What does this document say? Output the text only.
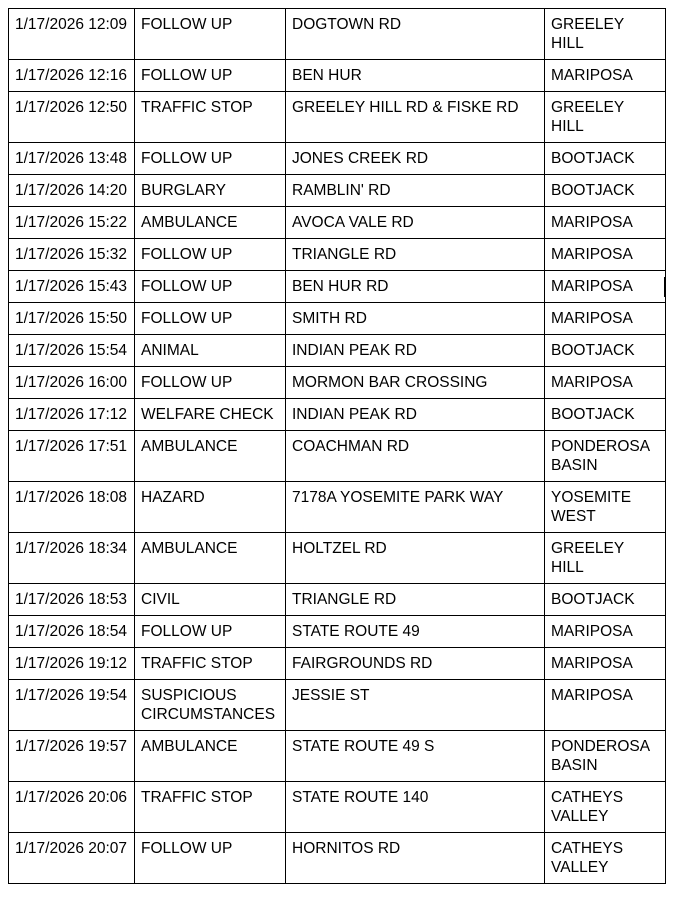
1/17/2026 12:09	FOLLOW UP	DOGTOWN RD	GREELEY HILL
1/17/2026 12:16	FOLLOW UP	BEN HUR	MARIPOSA
1/17/2026 12:50	TRAFFIC STOP	GREELEY HILL RD & FISKE RD	GREELEY HILL
1/17/2026 13:48	FOLLOW UP	JONES CREEK RD	BOOTJACK
1/17/2026 14:20	BURGLARY	RAMBLIN' RD	BOOTJACK
1/17/2026 15:22	AMBULANCE	AVOCA VALE RD	MARIPOSA
1/17/2026 15:32	FOLLOW UP	TRIANGLE RD	MARIPOSA
1/17/2026 15:43	FOLLOW UP	BEN HUR RD	MARIPOSA
1/17/2026 15:50	FOLLOW UP	SMITH RD	MARIPOSA
1/17/2026 15:54	ANIMAL	INDIAN PEAK RD	BOOTJACK
1/17/2026 16:00	FOLLOW UP	MORMON BAR CROSSING	MARIPOSA
1/17/2026 17:12	WELFARE CHECK	INDIAN PEAK RD	BOOTJACK
1/17/2026 17:51	AMBULANCE	COACHMAN RD	PONDEROSA BASIN
1/17/2026 18:08	HAZARD	7178A YOSEMITE PARK WAY	YOSEMITE WEST
1/17/2026 18:34	AMBULANCE	HOLTZEL RD	GREELEY HILL
1/17/2026 18:53	CIVIL	TRIANGLE RD	BOOTJACK
1/17/2026 18:54	FOLLOW UP	STATE ROUTE 49	MARIPOSA
1/17/2026 19:12	TRAFFIC STOP	FAIRGROUNDS RD	MARIPOSA
1/17/2026 19:54	SUSPICIOUS CIRCUMSTANCES	JESSIE ST	MARIPOSA
1/17/2026 19:57	AMBULANCE	STATE ROUTE 49 S	PONDEROSA BASIN
1/17/2026 20:06	TRAFFIC STOP	STATE ROUTE 140	CATHEYS VALLEY
1/17/2026 20:07	FOLLOW UP	HORNITOS RD	CATHEYS VALLEY
